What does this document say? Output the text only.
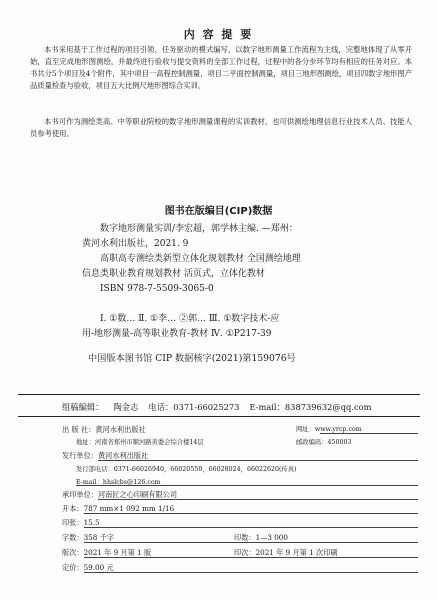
内 容 提 要
本书采用基于工作过程的项目引领、任务驱动的模式编写，以数字地形测量工作流程为主线，完整地体现了从零开始，直至完成地形图测绘，并最终进行验收与提交资料的全部工作过程，过程中的各分步环节均有相应的任务对应。本书共分5个项目及4个附件，其中项目一高程控制测量，项目二平面控制测量，项目三地形图测绘，项目四数字地形图产品质量检查与验收，项目五大比例尺地形图综合实训。
本书可作为测绘类高、中等职业院校的数字地形测量课程的实训教材，也可供测绘地理信息行业技术人员、技能人员参考使用。
图书在版编目(CIP)数据
数字地形测量实训/李宏超，郭学林主编. —郑州：
黄河水利出版社，2021. 9
高职高专测绘类新型立体化规划教材 全国测绘地理
信息类职业教育规划教材 活页式，立体化教材
ISBN 978-7-5509-3065-0
Ⅰ. ①数… Ⅱ. ①李… ②郭… Ⅲ. ①数字技术-应
用-地形测量-高等职业教育-教材 Ⅳ. ①P217-39
中国版本图书馆 CIP 数据核字(2021)第159076号
组稿编辑： 陶金志 电话：0371-66025273 E-mail：838739632@qq.com
出 版 社：黄河水利出版社	网址：www.yrcp.com
地址：河南省郑州市顺河路黄委会综合楼14层	邮政编码：450003
发行单位：黄河水利出版社
发行部电话：0371-66026940，66020550，66028024，66022620(传真)
E-mail：hhslcbs@126.com
承印单位：河南匠之心印刷有限公司
开本：787 mm×1 092 mm 1/16
印张：15.5
字数：358 千字	印数：1—3 000
版次：2021 年 9 月第 1 版	印次：2021 年 9 月第 1 次印刷
定价：59.00 元
